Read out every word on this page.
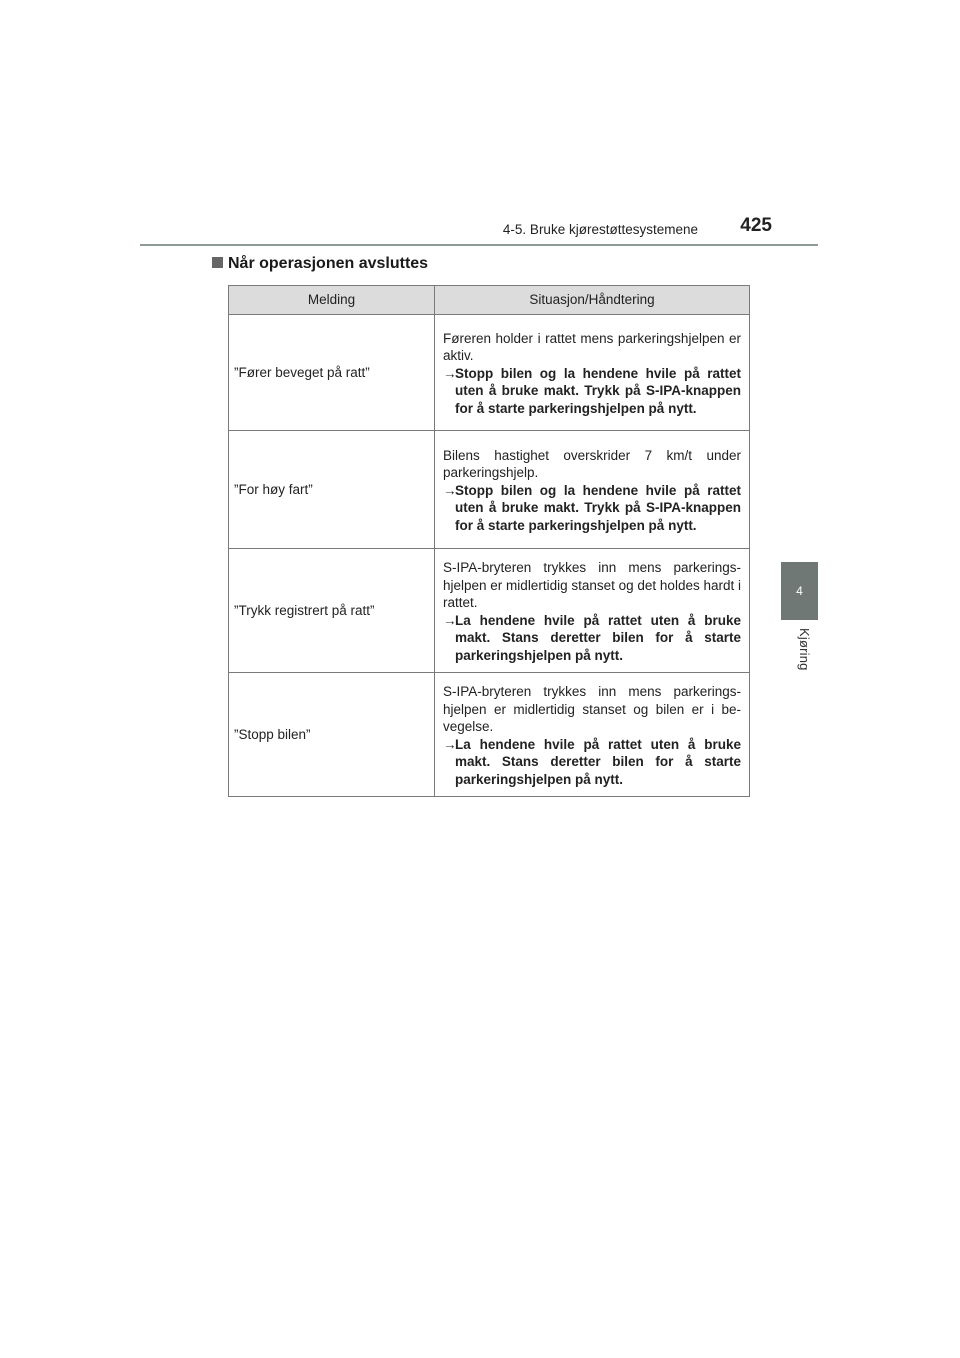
4-5. Bruke kjørestøttesystemene 425
4
Kjøring
Når operasjonen avsluttes
Melding	Situasjon/Håndtering
”Fører beveget på ratt”	Føreren holder i rattet mens parkeringshjelpen er aktiv.
→
Stopp bilen og la hendene hvile på rattet uten å bruke makt. Trykk på S-IPA-knappen for å starte parkeringshjelpen på nytt.

”For høy fart”	Bilens hastighet overskrider 7 km/t under parkeringshjelp.
→
Stopp bilen og la hendene hvile på rattet uten å bruke makt. Trykk på S-IPA-knappen for å starte parkeringshjelpen på nytt.

”Trykk registrert på ratt”	S-IPA-bryteren trykkes inn mens parkeringshjelpen er midlertidig stanset og det holdes hardt i rattet.
→
La hendene hvile på rattet uten å bruke makt. Stans deretter bilen for å starte parkeringshjelpen på nytt.

”Stopp bilen”	S-IPA-bryteren trykkes inn mens parkeringshjelpen er midlertidig stanset og bilen er i bevegelse.
→
La hendene hvile på rattet uten å bruke makt. Stans deretter bilen for å starte parkeringshjelpen på nytt.
